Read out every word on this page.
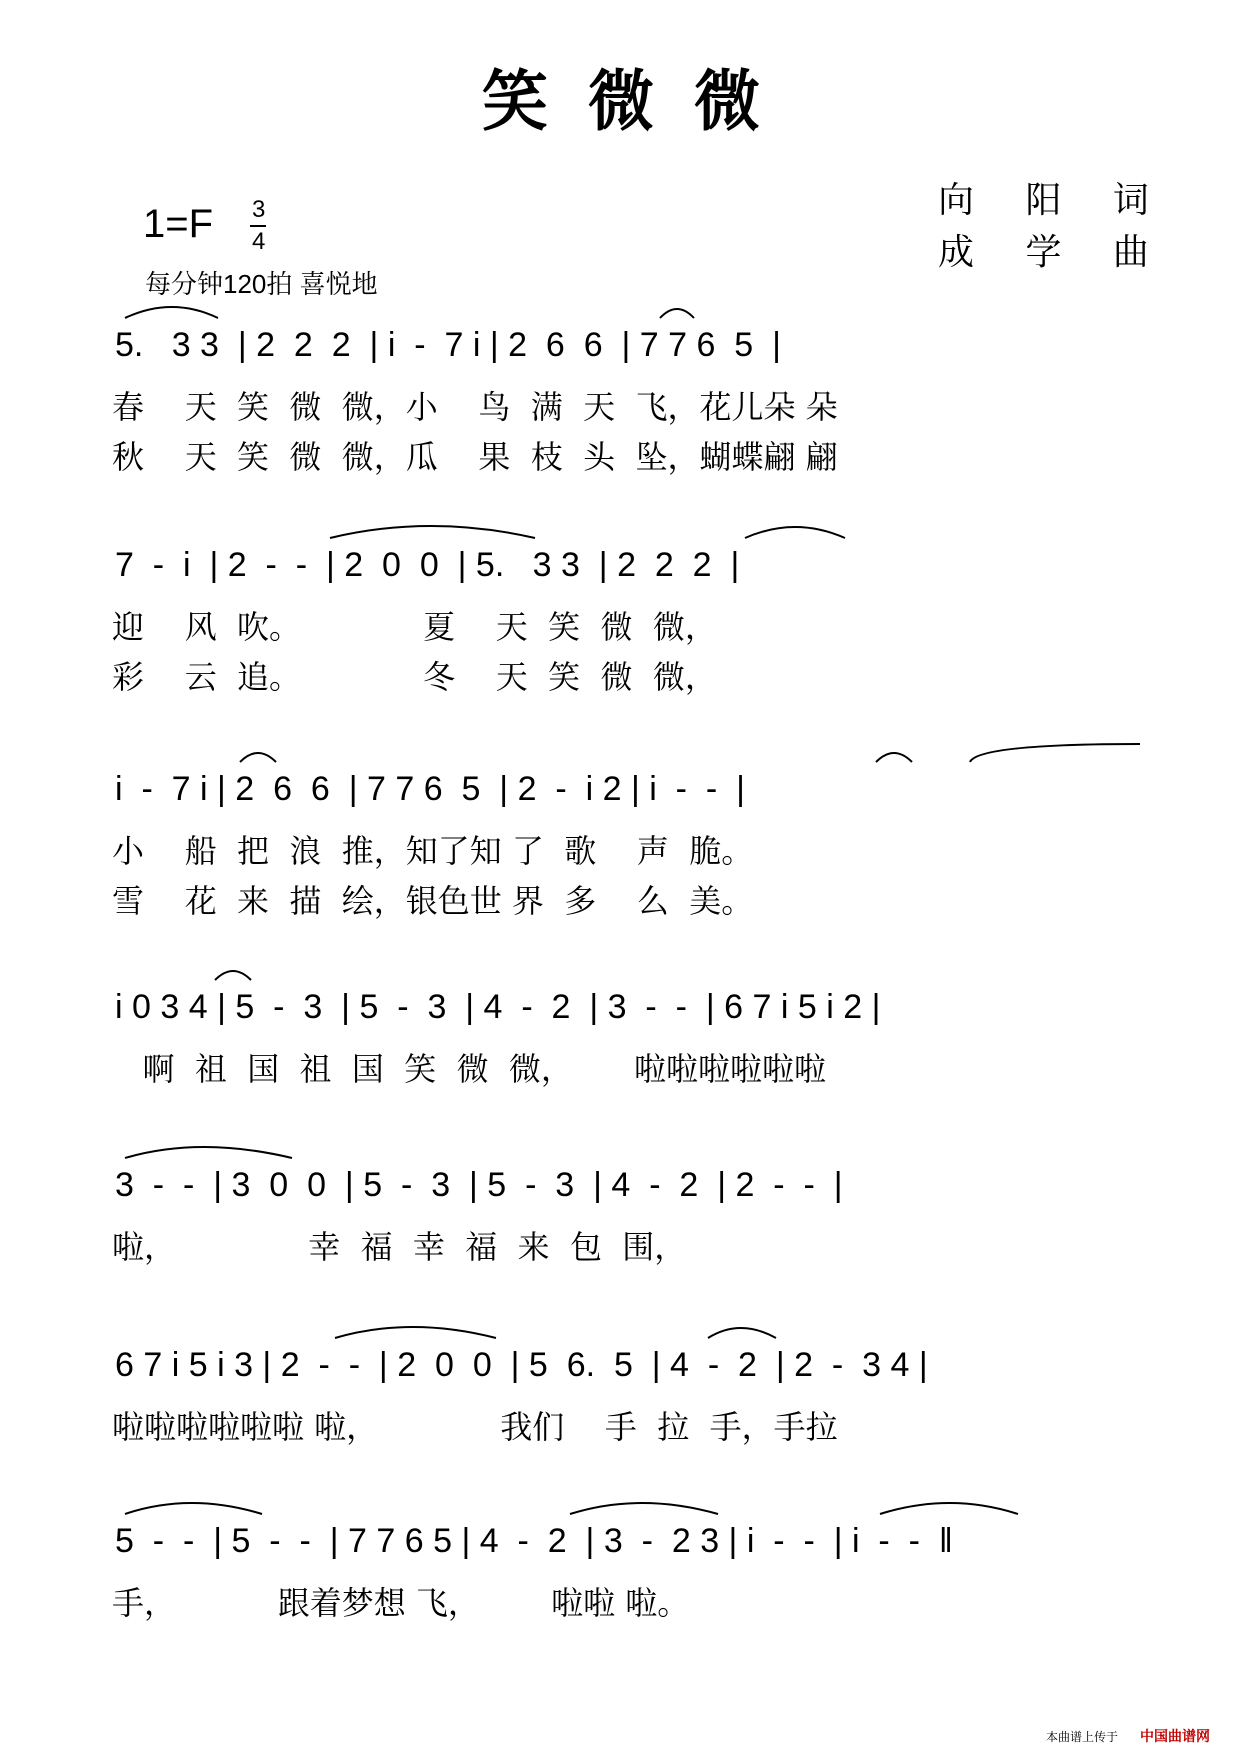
笑微微
向 阳 词
成 学 曲
1=F 3
4
每分钟120拍 喜悦地
5.   3 3  | 2  2  2  | i  -  7 i | 2  6  6  | 7 7 6  5  |
春    天  笑  微  微，小    鸟  满  天  飞，花儿朵 朵
秋    天  笑  微  微，瓜    果  枝  头  坠，蝴蝶翩 翩
7  -  i  | 2  -  -  | 2  0  0  | 5.   3 3  | 2  2  2  |
迎    风  吹。            夏    天  笑  微  微，
彩    云  追。            冬    天  笑  微  微，
i  -  7 i | 2  6  6  | 7 7 6  5  | 2  -  i 2 | i  -  -  |
小    船  把  浪  推，知了知 了  歌    声  脆。
雪    花  来  描  绘，银色世 界  多    么  美。
i 0 3 4 | 5  -  3  | 5  -  3  | 4  -  2  | 3  -  -  | 6 7 i 5 i 2 |
啊  祖  国  祖  国  笑  微  微，      啦啦啦啦啦啦
3  -  -  | 3  0  0  | 5  -  3  | 5  -  3  | 4  -  2  | 2  -  -  |
啦，             幸  福  幸  福  来  包  围，
6 7 i 5 i 3 | 2  -  -  | 2  0  0  | 5  6.  5  | 4  -  2  | 2  -  3 4 |
啦啦啦啦啦啦 啦，            我们    手  拉  手，手拉
5  -  -  | 5  -  -  | 7 7 6 5 | 4  -  2  | 3  -  2 3 | i  -  -  | i  -  -  ‖
手，          跟着梦想 飞，       啦啦 啦。
本曲谱上传于 中国曲谱网
